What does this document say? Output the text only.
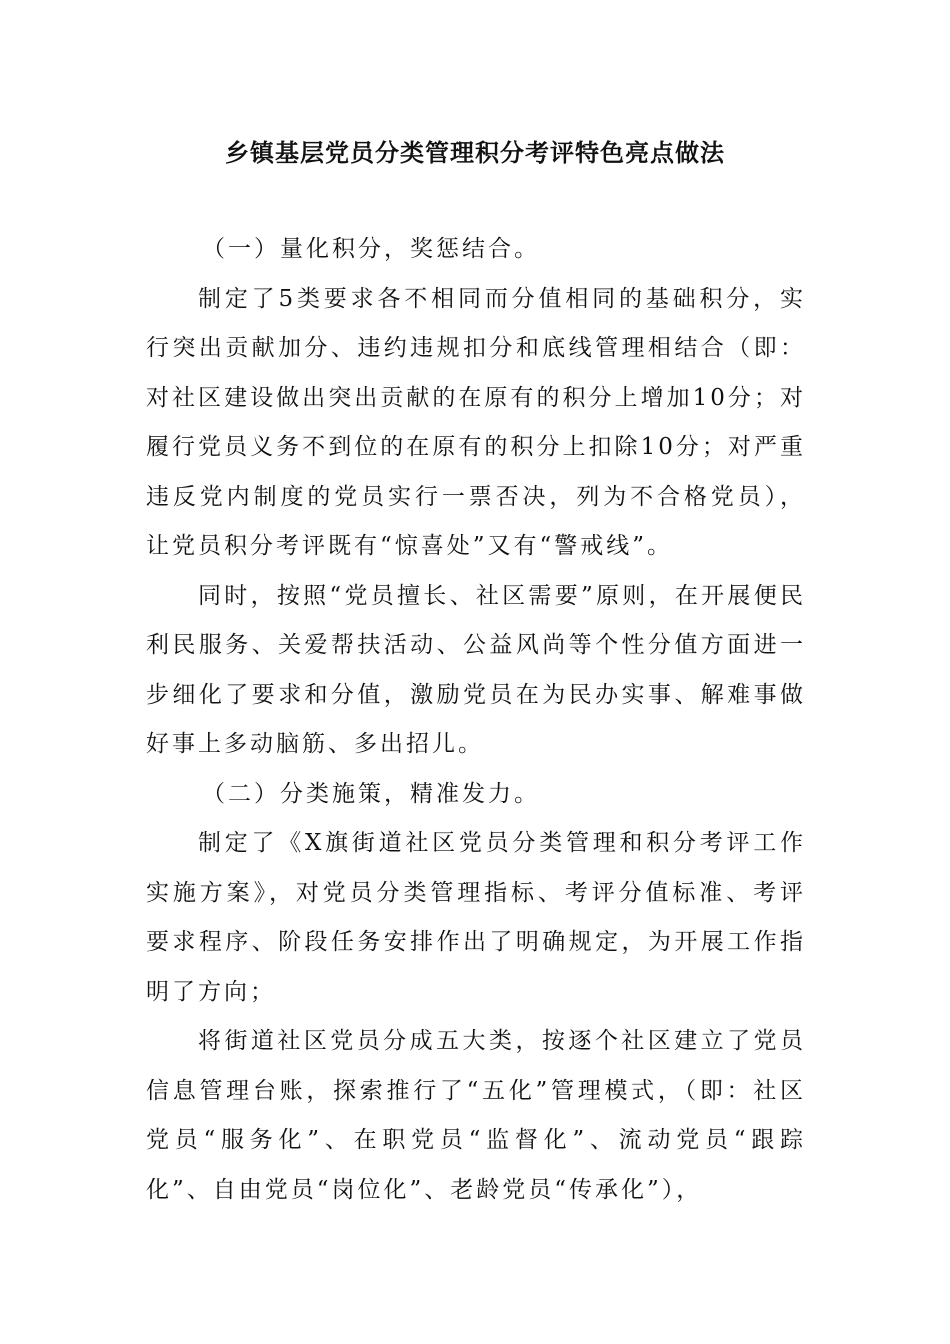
乡镇基层党员分类管理积分考评特色亮点做法

（一）量化积分，奖惩结合。

制定了5类要求各不相同而分值相同的基础积分，实行突出贡献加分、违约违规扣分和底线管理相结合（即：对社区建设做出突出贡献的在原有的积分上增加10分；对履行党员义务不到位的在原有的积分上扣除10分；对严重违反党内制度的党员实行一票否决，列为不合格党员），让党员积分考评既有“惊喜处”又有“警戒线”。

同时，按照“党员擅长、社区需要”原则，在开展便民利民服务、关爱帮扶活动、公益风尚等个性分值方面进一步细化了要求和分值，激励党员在为民办实事、解难事做好事上多动脑筋、多出招儿。

（二）分类施策，精准发力。

制定了《X旗街道社区党员分类管理和积分考评工作实施方案》，对党员分类管理指标、考评分值标准、考评要求程序、阶段任务安排作出了明确规定，为开展工作指明了方向；

将街道社区党员分成五大类，按逐个社区建立了党员信息管理台账，探索推行了“五化”管理模式，（即：社区党员“服务化”、在职党员“监督化”、流动党员“跟踪化”、自由党员“岗位化”、老龄党员“传承化”），
